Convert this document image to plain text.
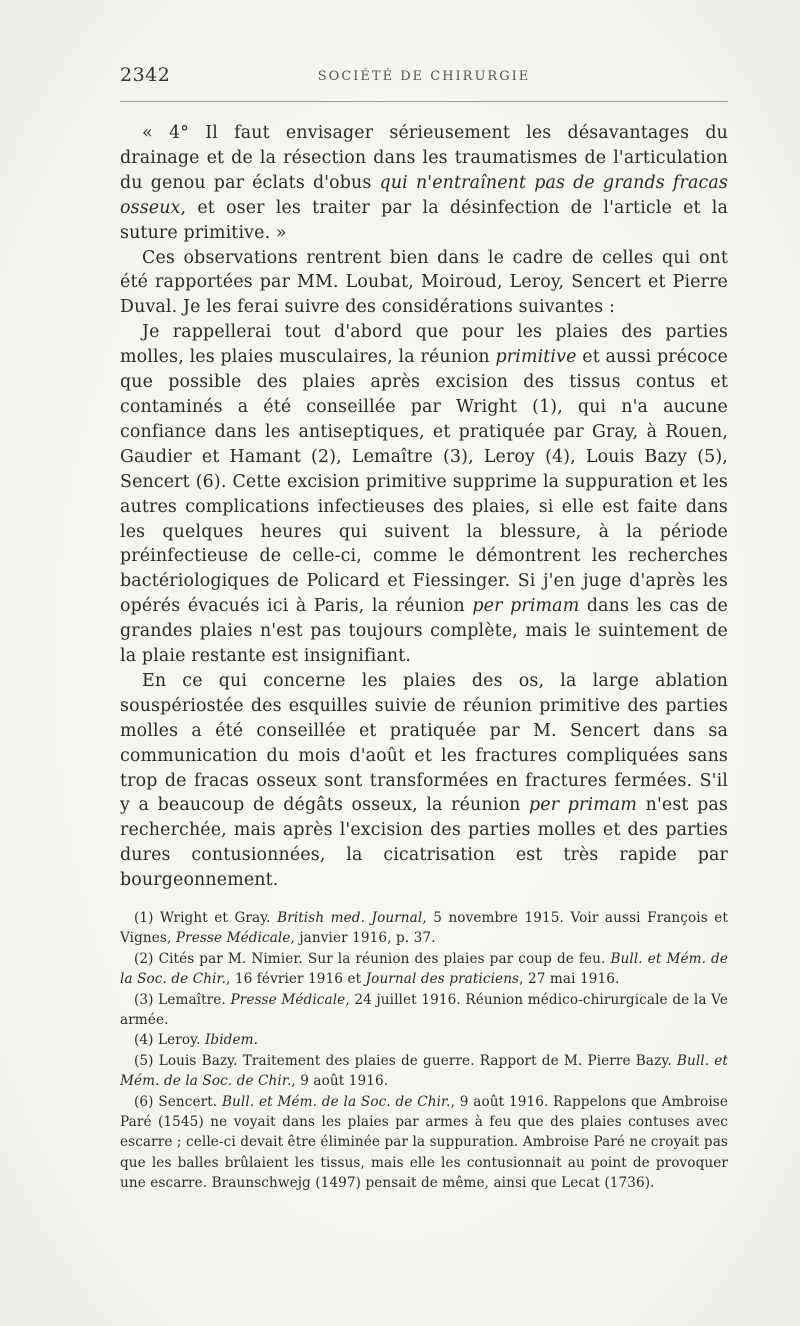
2342	SOCIÉTÉ DE CHIRURGIE

« 4° Il faut envisager sérieusement les désavantages du drainage et de la résection dans les traumatismes de l'articulation du genou par éclats d'obus qui n'entraînent pas de grands fracas osseux, et oser les traiter par la désinfection de l'article et la suture primitive. »

Ces observations rentrent bien dans le cadre de celles qui ont été rapportées par MM. Loubat, Moiroud, Leroy, Sencert et Pierre Duval. Je les ferai suivre des considérations suivantes :

Je rappellerai tout d'abord que pour les plaies des parties molles, les plaies musculaires, la réunion primitive et aussi précoce que possible des plaies après excision des tissus contus et contaminés a été conseillée par Wright (1), qui n'a aucune confiance dans les antiseptiques, et pratiquée par Gray, à Rouen, Gaudier et Hamant (2), Lemaître (3), Leroy (4), Louis Bazy (5), Sencert (6). Cette excision primitive supprime la suppuration et les autres complications infectieuses des plaies, si elle est faite dans les quelques heures qui suivent la blessure, à la période préinfectieuse de celle-ci, comme le démontrent les recherches bactériologiques de Policard et Fiessinger. Si j'en juge d'après les opérés évacués ici à Paris, la réunion per primam dans les cas de grandes plaies n'est pas toujours complète, mais le suintement de la plaie restante est insignifiant.

En ce qui concerne les plaies des os, la large ablation souspériostée des esquilles suivie de réunion primitive des parties molles a été conseillée et pratiquée par M. Sencert dans sa communication du mois d'août et les fractures compliquées sans trop de fracas osseux sont transformées en fractures fermées. S'il y a beaucoup de dégâts osseux, la réunion per primam n'est pas recherchée, mais après l'excision des parties molles et des parties dures contusionnées, la cicatrisation est très rapide par bourgeonnement.

(1) Wright et Gray. British med. Journal, 5 novembre 1915. Voir aussi François et Vignes, Presse Médicale, janvier 1916, p. 37.

(2) Cités par M. Nimier. Sur la réunion des plaies par coup de feu. Bull. et Mém. de la Soc. de Chir., 16 février 1916 et Journal des praticiens, 27 mai 1916.

(3) Lemaître. Presse Médicale, 24 juillet 1916. Réunion médico-chirurgicale de la Ve armée.

(4) Leroy. Ibidem.

(5) Louis Bazy. Traitement des plaies de guerre. Rapport de M. Pierre Bazy. Bull. et Mém. de la Soc. de Chir., 9 août 1916.

(6) Sencert. Bull. et Mém. de la Soc. de Chir., 9 août 1916. Rappelons que Ambroise Paré (1545) ne voyait dans les plaies par armes à feu que des plaies contuses avec escarre ; celle-ci devait être éliminée par la suppuration. Ambroise Paré ne croyait pas que les balles brûlaient les tissus, mais elle les contusionnait au point de provoquer une escarre. Braunschwejg (1497) pensait de même, ainsi que Lecat (1736).
